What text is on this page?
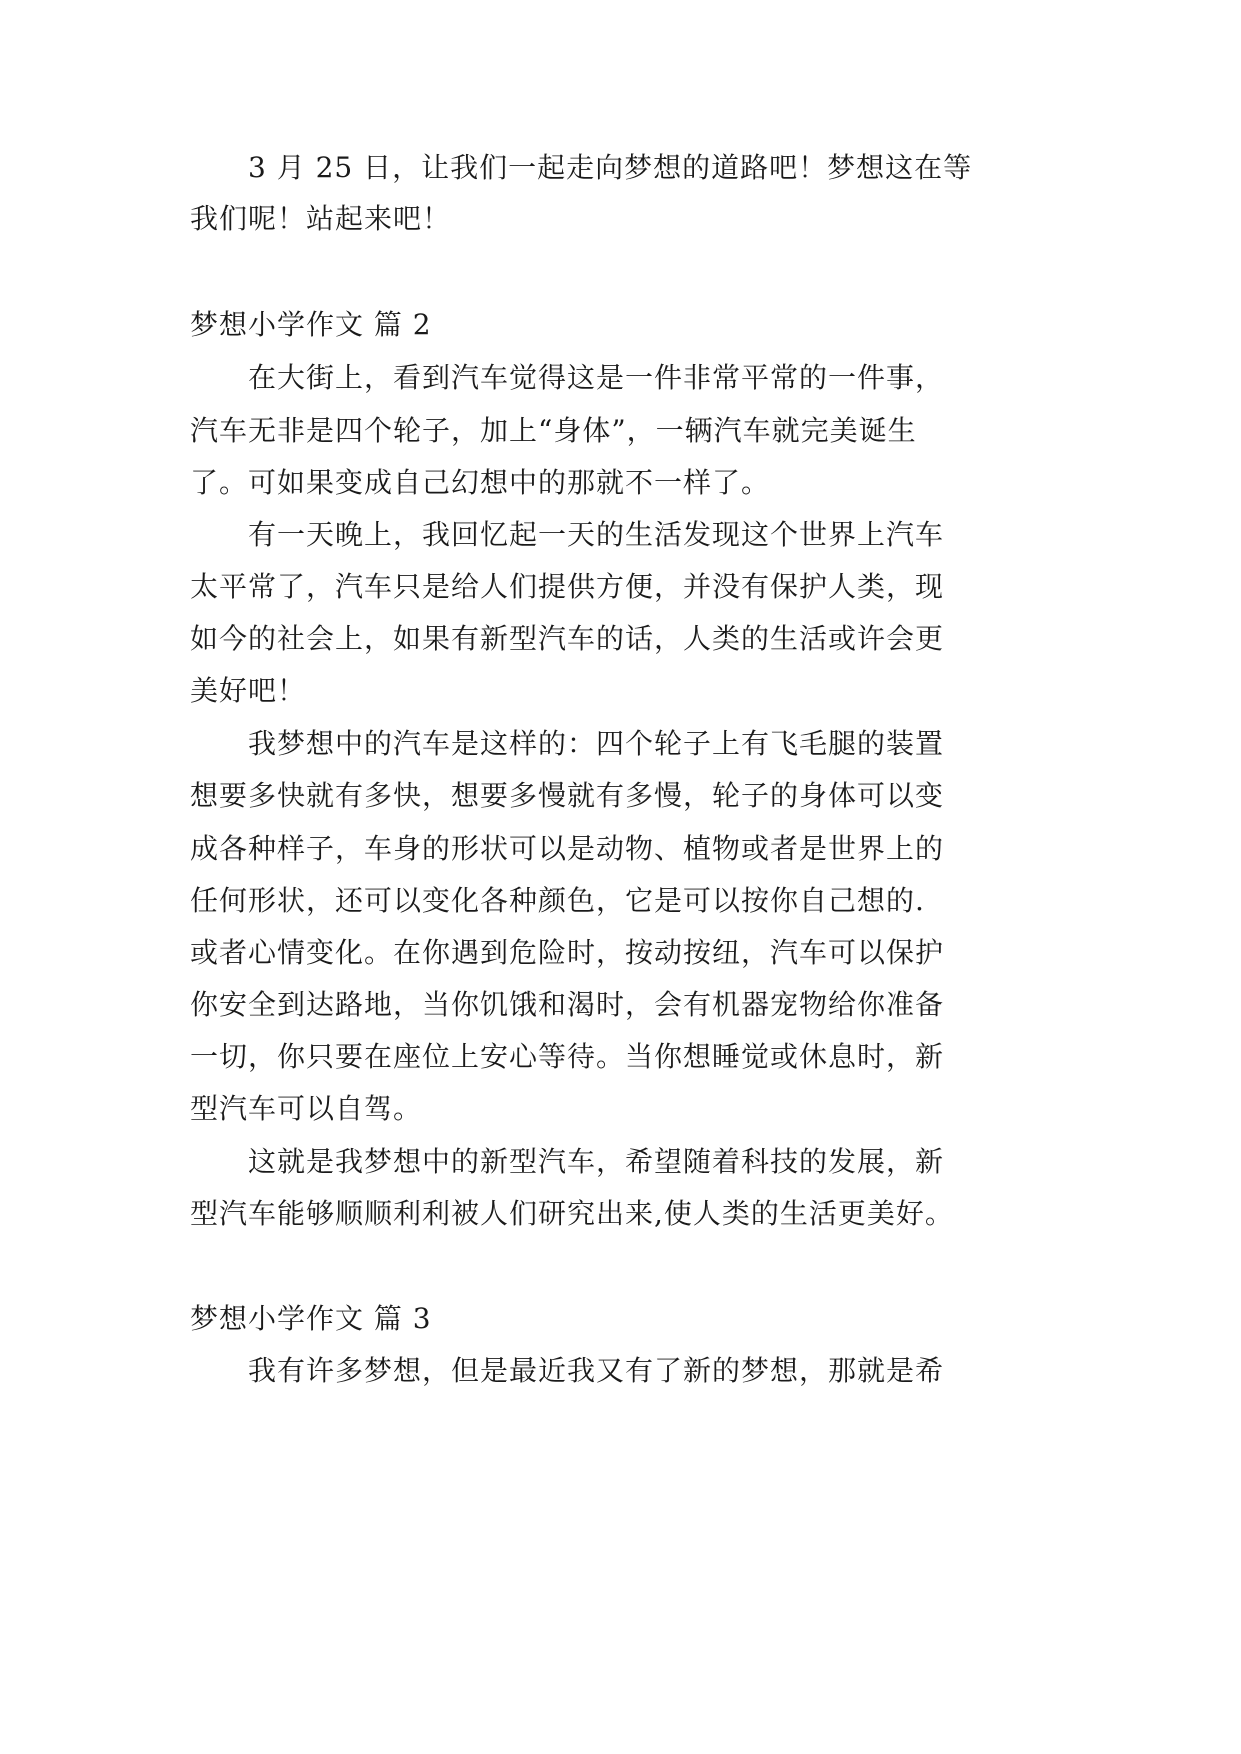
　　3 月 25 日，让我们一起走向梦想的道路吧！梦想这在等
我们呢！站起来吧！
梦想小学作文 篇 2
　　在大街上，看到汽车觉得这是一件非常平常的一件事，
汽车无非是四个轮子，加上“身体”，一辆汽车就完美诞生
了。可如果变成自己幻想中的那就不一样了。
　　有一天晚上，我回忆起一天的生活发现这个世界上汽车
太平常了，汽车只是给人们提供方便，并没有保护人类，现
如今的社会上，如果有新型汽车的话，人类的生活或许会更
美好吧！
　　我梦想中的汽车是这样的：四个轮子上有飞毛腿的装置
想要多快就有多快，想要多慢就有多慢，轮子的身体可以变
成各种样子，车身的形状可以是动物、植物或者是世界上的
任何形状，还可以变化各种颜色，它是可以按你自己想的.
或者心情变化。在你遇到危险时，按动按纽，汽车可以保护
你安全到达路地，当你饥饿和渴时，会有机器宠物给你准备
一切，你只要在座位上安心等待。当你想睡觉或休息时，新
型汽车可以自驾。
　　这就是我梦想中的新型汽车，希望随着科技的发展，新
型汽车能够顺顺利利被人们研究出来,使人类的生活更美好。
梦想小学作文 篇 3
　　我有许多梦想，但是最近我又有了新的梦想，那就是希
